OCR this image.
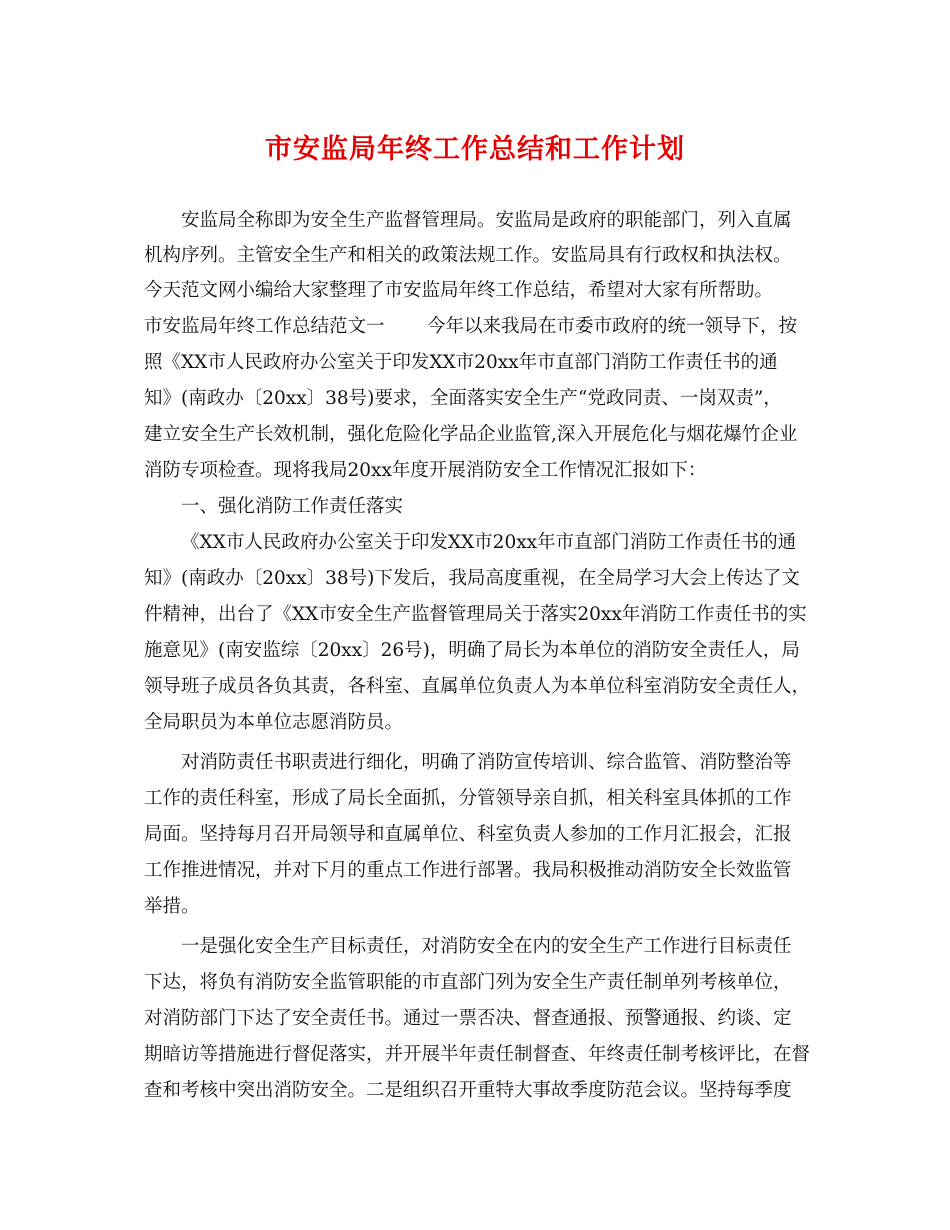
市安监局年终工作总结和工作计划
安监局全称即为安全生产监督管理局。安监局是政府的职能部门，列入直属
机构序列。主管安全生产和相关的政策法规工作。安监局具有行政权和执法权。
今天范文网小编给大家整理了市安监局年终工作总结，希望对大家有所帮助。
市安监局年终工作总结范文一 今年以来我局在市委市政府的统一领导下，按
照《XX市人民政府办公室关于印发XX市20xx年市直部门消防工作责任书的通
知》(南政办〔20xx〕38号)要求，全面落实安全生产“党政同责、一岗双责”，
建立安全生产长效机制，强化危险化学品企业监管,深入开展危化与烟花爆竹企业
消防专项检查。现将我局20xx年度开展消防安全工作情况汇报如下：
一、强化消防工作责任落实
《XX市人民政府办公室关于印发XX市20xx年市直部门消防工作责任书的通
知》(南政办〔20xx〕38号)下发后，我局高度重视，在全局学习大会上传达了文
件精神，出台了《XX市安全生产监督管理局关于落实20xx年消防工作责任书的实
施意见》(南安监综〔20xx〕26号)，明确了局长为本单位的消防安全责任人，局
领导班子成员各负其责，各科室、直属单位负责人为本单位科室消防安全责任人，
全局职员为本单位志愿消防员。
对消防责任书职责进行细化，明确了消防宣传培训、综合监管、消防整治等
工作的责任科室，形成了局长全面抓，分管领导亲自抓，相关科室具体抓的工作
局面。坚持每月召开局领导和直属单位、科室负责人参加的工作月汇报会，汇报
工作推进情况，并对下月的重点工作进行部署。我局积极推动消防安全长效监管
举措。
一是强化安全生产目标责任，对消防安全在内的安全生产工作进行目标责任
下达，将负有消防安全监管职能的市直部门列为安全生产责任制单列考核单位，
对消防部门下达了安全责任书。通过一票否决、督查通报、预警通报、约谈、定
期暗访等措施进行督促落实，并开展半年责任制督查、年终责任制考核评比，在督
查和考核中突出消防安全。二是组织召开重特大事故季度防范会议。坚持每季度
